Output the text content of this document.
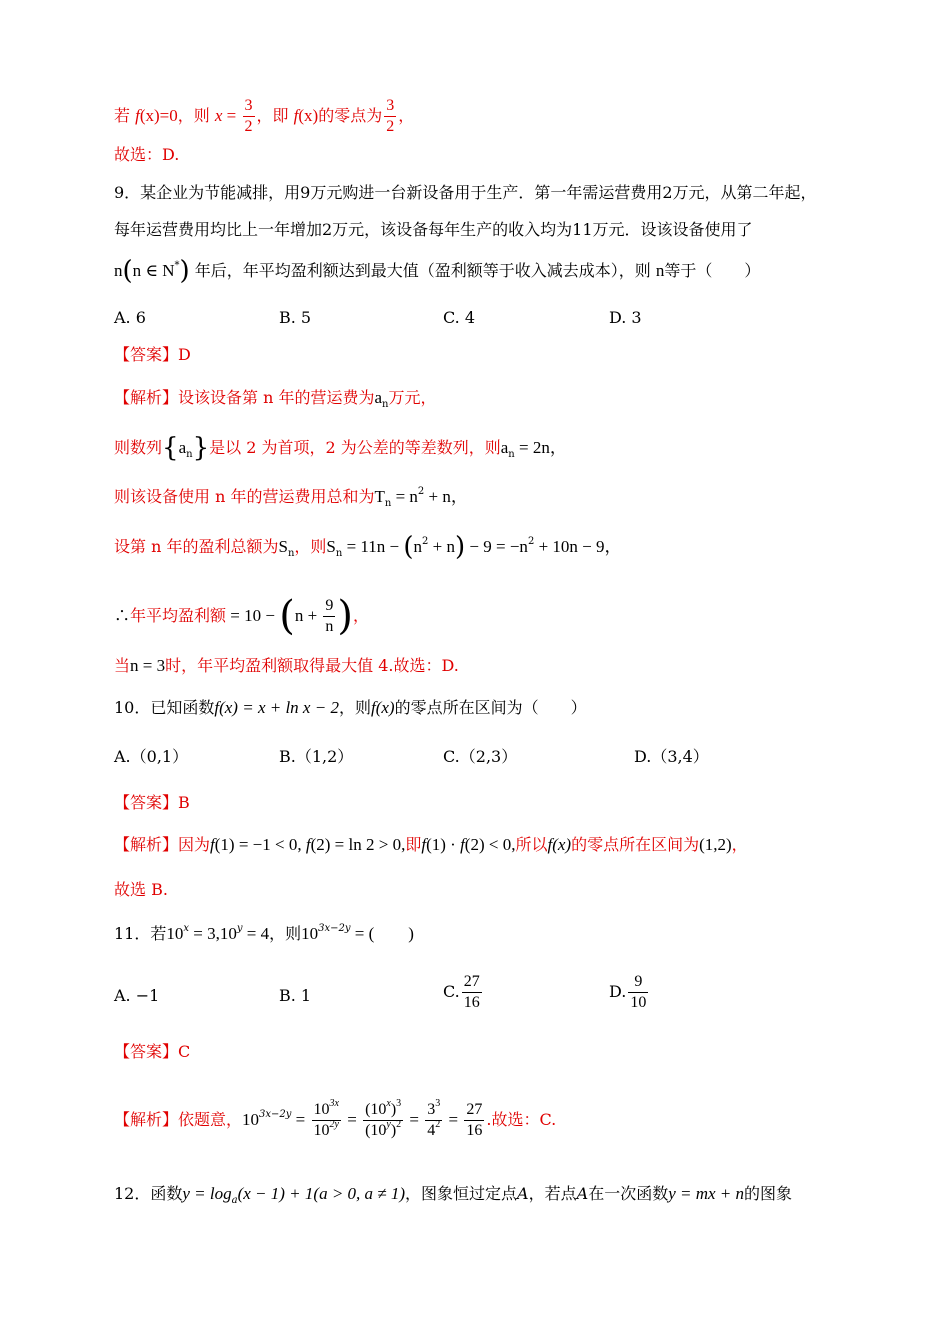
若 f(x)=0，则 $x = \frac{3}{2}$ ，即 f(x)的零点为 $\frac{3}{2}$ ，
故选：D.
9．某企业为节能减排，用9万元购进一台新设备用于生产．第一年需运营费用2万元，从第二年起，
每年运营费用均比上一年增加2万元，该设备每年生产的收入均为11万元．设该设备使用了
n(n ∈ N*) 年后，年平均盈利额达到最大值（盈利额等于收入减去成本），则 n等于（　　）
A. 6	B. 5	C. 4	D. 3
【答案】D
【解析】设该设备第 n 年的营运费为$a_n$万元，
则数列$\{a_n\}$是以 2 为首项，2 为公差的等差数列，则$a_n = 2n$，
则该设备使用 n 年的营运费用总和为$T_n = n^2 + n$，
设第 n 年的盈利总额为$S_n$，则$S_n = 11n - (n^2 + n) - 9 = -n^2 + 10n - 9$，
∴年平均盈利额 = $10 - (n + \frac{9}{n}$ )，
当n = 3时，年平均盈利额取得最大值 4.故选：D.
10．已知函数f(x) = x + ln x − 2，则f(x)的零点所在区间为（　　）
A.（0,1）	B.（1,2）	C.（2,3）	D.（3,4）
【答案】B
【解析】因为f(1) = −1 < 0, f(2) = ln 2 > 0,即f(1) · f(2) < 0,所以f(x)的零点所在区间为(1,2)，
故选 B.
11．若$10^x = 3,10^y = 4$，则$10^{3x-2y}$ = (　　)
A. −1	B. 1	C. $\frac{27}{16}$	D. $\frac{9}{10}$
【答案】C
【解析】依题意，$10^{3x-2y} = \frac{10^{3x}}{10^{2y}} = \frac{(10^x)^3}{(10^y)^2} = \frac{3^3}{4^2} = \frac{27}{16}$ .故选：C.
12．函数$y = \log_a(x - 1) + 1(a > 0$, a ≠ 1)，图象恒过定点A，若点A在一次函数y = mx + n的图象
